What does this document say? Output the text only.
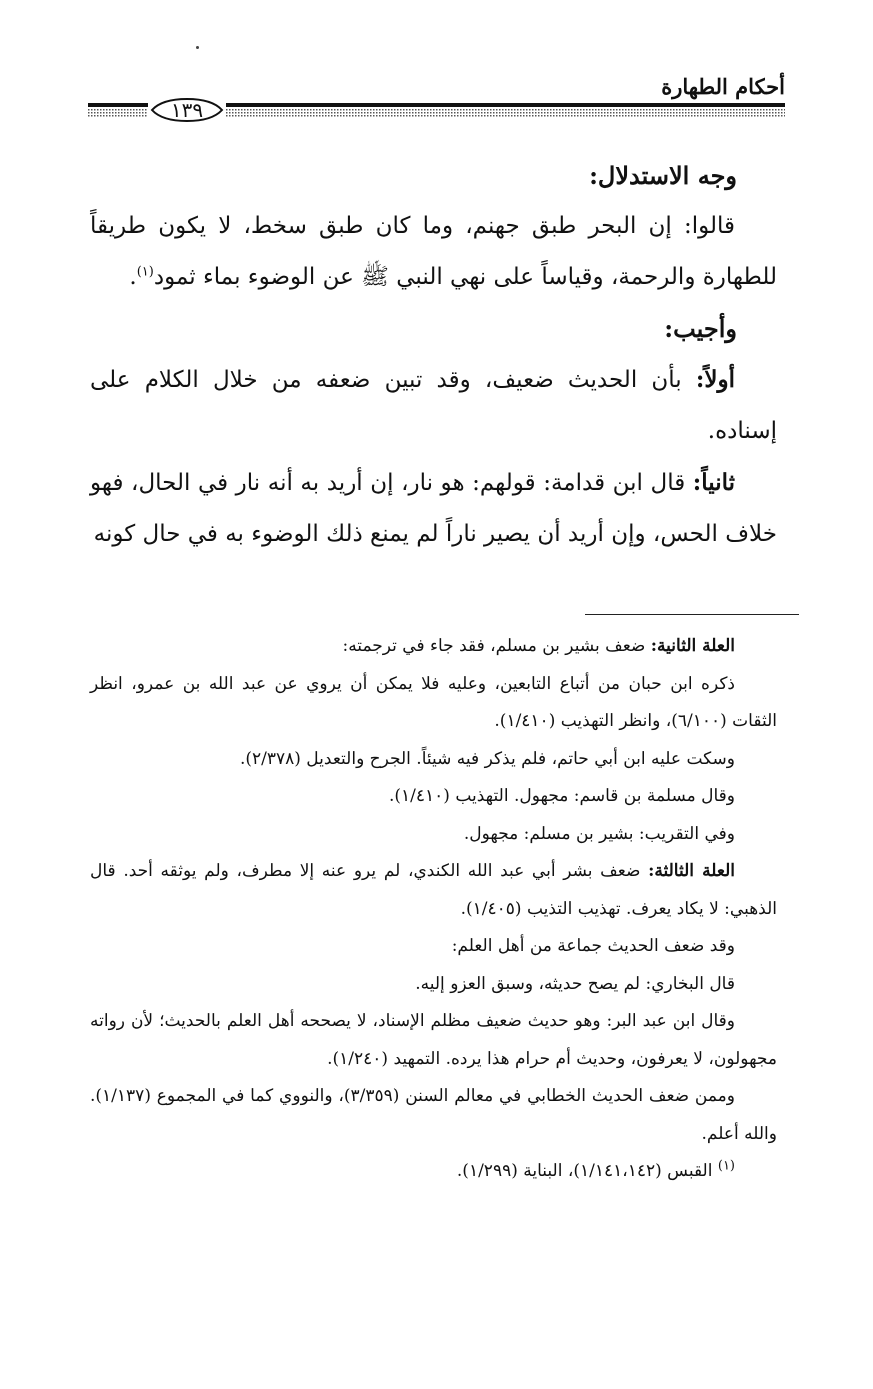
أحكام الطهارة
١٣٩

وجه الاستدلال:

قالوا: إن البحر طبق جهنم، وما كان طبق سخط، لا يكون طريقاً للطهارة والرحمة، وقياساً على نهي النبي ﷺ عن الوضوء بماء ثمود$^{(١)}$.

وأجيب:

أولاً: بأن الحديث ضعيف، وقد تبين ضعفه من خلال الكلام على إسناده.

ثانياً: قال ابن قدامة: قولهم: هو نار، إن أريد به أنه نار في الحال، فهو خلاف الحس، وإن أريد أن يصير ناراً لم يمنع ذلك الوضوء به في حال كونه

العلة الثانية: ضعف بشير بن مسلم، فقد جاء في ترجمته:

ذكره ابن حبان من أتباع التابعين، وعليه فلا يمكن أن يروي عن عبد الله بن عمرو، انظر الثقات (٦/١٠٠)، وانظر التهذيب (١/٤١٠).

وسكت عليه ابن أبي حاتم، فلم يذكر فيه شيئاً. الجرح والتعديل (٢/٣٧٨).

وقال مسلمة بن قاسم: مجهول. التهذيب (١/٤١٠).

وفي التقريب: بشير بن مسلم: مجهول.

العلة الثالثة: ضعف بشر أبي عبد الله الكندي، لم يرو عنه إلا مطرف، ولم يوثقه أحد. قال الذهبي: لا يكاد يعرف. تهذيب التذيب (١/٤٠٥).

وقد ضعف الحديث جماعة من أهل العلم:

قال البخاري: لم يصح حديثه، وسبق العزو إليه.

وقال ابن عبد البر: وهو حديث ضعيف مظلم الإسناد، لا يصححه أهل العلم بالحديث؛ لأن رواته مجهولون، لا يعرفون، وحديث أم حرام هذا يرده. التمهيد (١/٢٤٠).

وممن ضعف الحديث الخطابي في معالم السنن (٣/٣٥٩)، والنووي كما في المجموع (١/١٣٧). والله أعلم.

$^{(١)}$ القبس (١/١٤١،١٤٢)، البناية (١/٢٩٩).
